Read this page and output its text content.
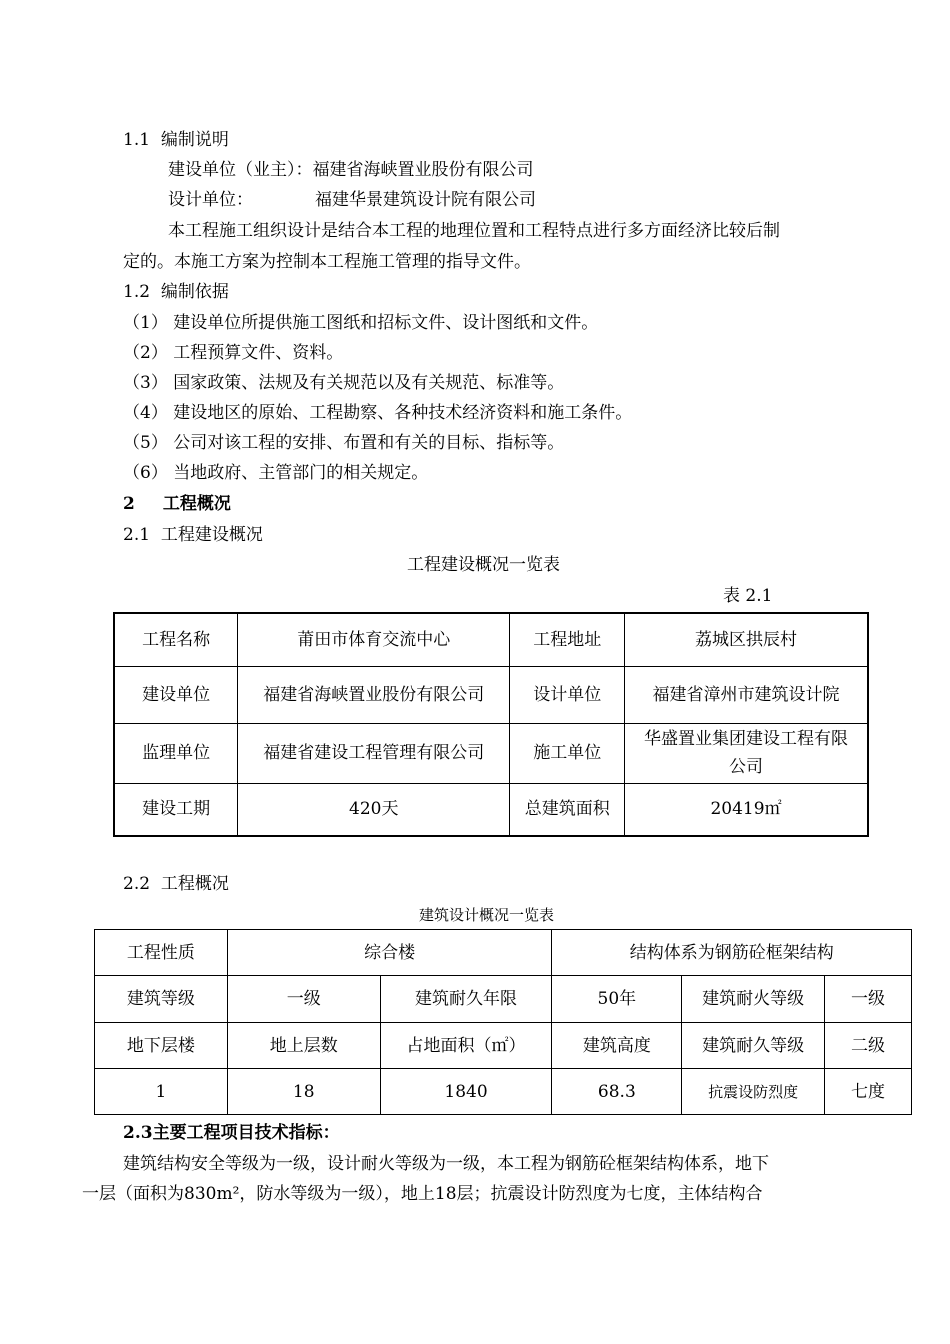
1.1 编制说明
建设单位（业主）：福建省海峡置业股份有限公司
设计单位：	福建华景建筑设计院有限公司
本工程施工组织设计是结合本工程的地理位置和工程特点进行多方面经济比较后制
定的。本施工方案为控制本工程施工管理的指导文件。
1.2 编制依据
（1） 建设单位所提供施工图纸和招标文件、设计图纸和文件。
（2） 工程预算文件、资料。
（3） 国家政策、法规及有关规范以及有关规范、标准等。
（4） 建设地区的原始、工程勘察、各种技术经济资料和施工条件。
（5） 公司对该工程的安排、布置和有关的目标、指标等。
（6） 当地政府、主管部门的相关规定。
2 工程概况
2.1 工程建设概况
工程建设概况一览表
表 2.1
工程名称	莆田市体育交流中心	工程地址	荔城区拱辰村
建设单位	福建省海峡置业股份有限公司	设计单位	福建省漳州市建筑设计院
监理单位	福建省建设工程管理有限公司	施工单位	华盛置业集团建设工程有限公司
建设工期	420天	总建筑面积	20419㎡
2.2 工程概况
建筑设计概况一览表
工程性质	综合楼		结构体系为钢筋砼框架结构		
建筑等级	一级	建筑耐久年限	50年	建筑耐火等级	一级
地下层楼	地上层数	占地面积（㎡）	建筑高度	建筑耐久等级	二级
1	18	1840	68.3	抗震设防烈度	七度
2.3主要工程项目技术指标：
建筑结构安全等级为一级，设计耐火等级为一级，本工程为钢筋砼框架结构体系，地下
一层（面积为830m²，防水等级为一级），地上18层；抗震设计防烈度为七度，主体结构合
